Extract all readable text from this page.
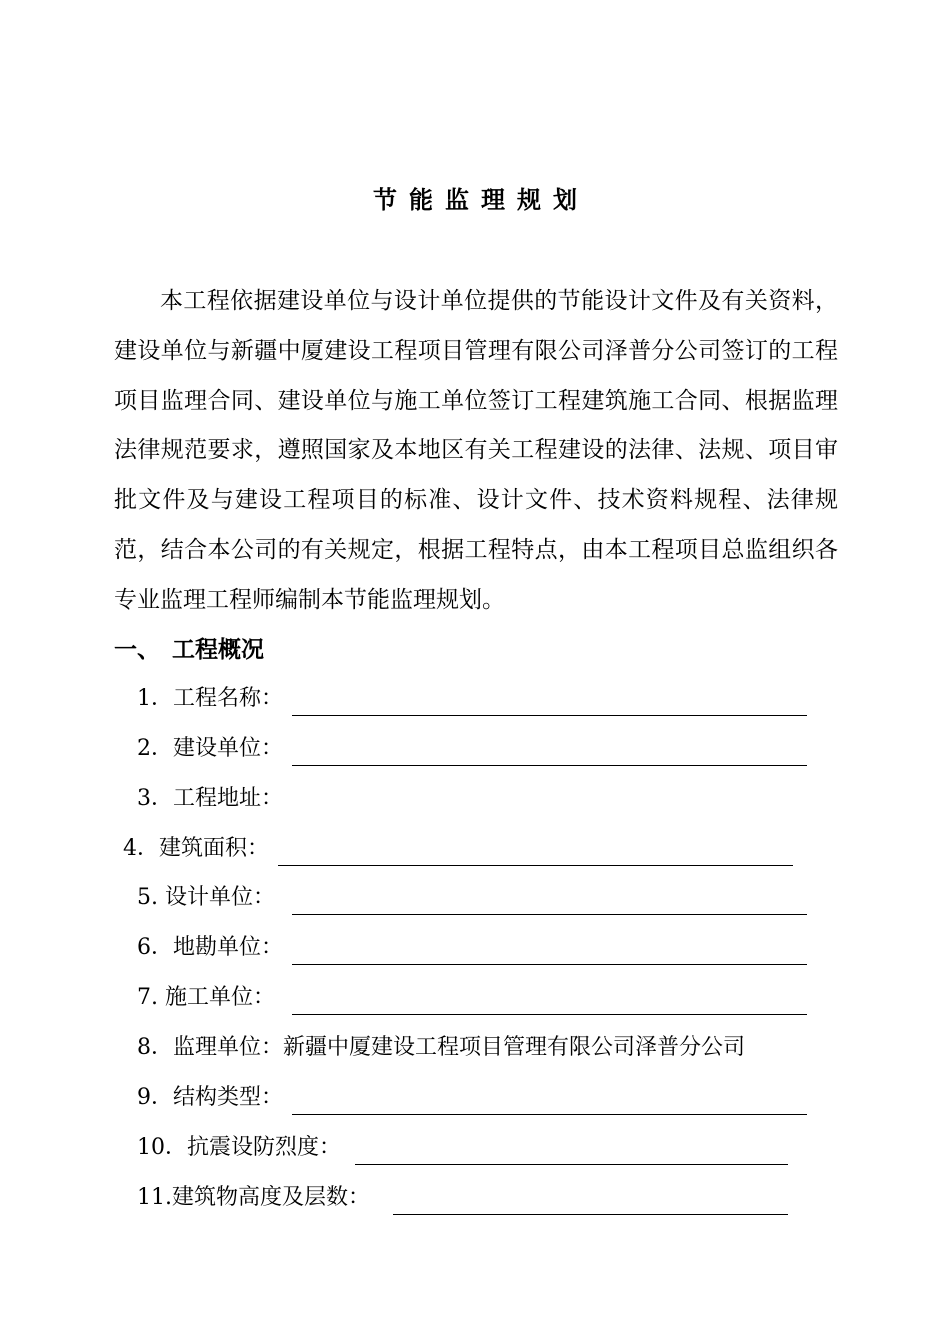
节能监理规划

本工程依据建设单位与设计单位提供的节能设计文件及有关资料，建设单位与新疆中厦建设工程项目管理有限公司泽普分公司签订的工程项目监理合同、建设单位与施工单位签订工程建筑施工合同、根据监理法律规范要求，遵照国家及本地区有关工程建设的法律、法规、项目审批文件及与建设工程项目的标准、设计文件、技术资料规程、法律规范，结合本公司的有关规定，根据工程特点，由本工程项目总监组织各专业监理工程师编制本节能监理规划。

一、 工程概况
1．工程名称：
2．建设单位：
3．工程地址：
4．建筑面积：
5. 设计单位：
6．地勘单位：
7. 施工单位：
8．监理单位：新疆中厦建设工程项目管理有限公司泽普分公司
9．结构类型：
10．抗震设防烈度：
11.建筑物高度及层数：
